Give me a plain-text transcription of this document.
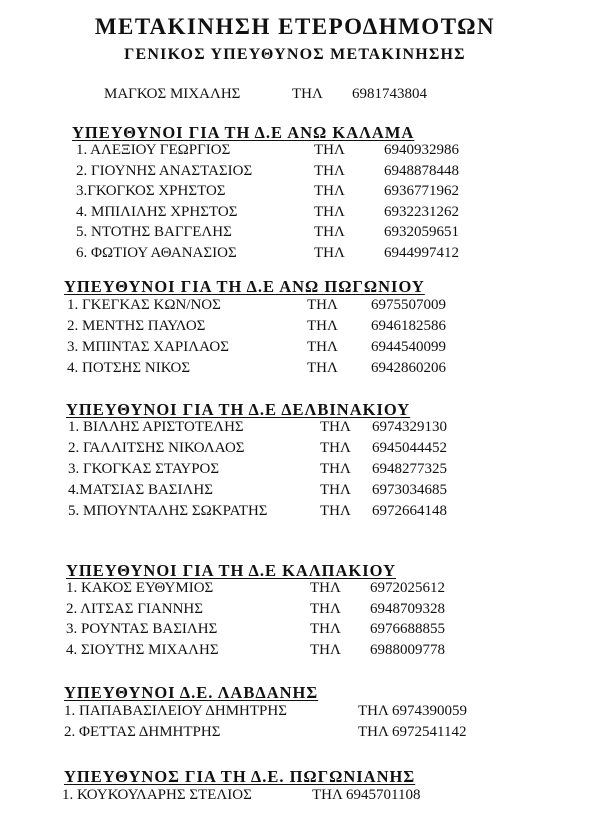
ΜΕΤΑΚΙΝΗΣΗ ΕΤΕΡΟΔΗΜΟΤΩΝ
ΓΕΝΙΚΟΣ ΥΠΕΥΘΥΝΟΣ ΜΕΤΑΚΙΝΗΣΗΣ
ΜΑΓΚΟΣ ΜΙΧΑΛΗΣ	ΤΗΛ 6981743804
ΥΠΕΥΘΥΝΟΙ ΓΙΑ ΤΗ Δ.Ε ΑΝΩ ΚΑΛΑΜΑ
1. ΑΛΕΞΙΟΥ ΓΕΩΡΓΙΟΣ	ΤΗΛ	6940932986
2. ΓΙΟΥΝΗΣ ΑΝΑΣΤΑΣΙΟΣ	ΤΗΛ	6948878448
3.ΓΚΟΓΚΟΣ ΧΡΗΣΤΟΣ	ΤΗΛ	6936771962
4. ΜΠΙΛΙΛΗΣ ΧΡΗΣΤΟΣ	ΤΗΛ	6932231262
5. ΝΤΟΤΗΣ ΒΑΓΓΕΛΗΣ	ΤΗΛ	6932059651
6. ΦΩΤΙΟΥ ΑΘΑΝΑΣΙΟΣ	ΤΗΛ	6944997412
ΥΠΕΥΘΥΝΟΙ ΓΙΑ ΤΗ Δ.Ε ΑΝΩ ΠΩΓΩΝΙΟΥ
1. ΓΚΕΓΚΑΣ ΚΩΝ/ΝΟΣ	ΤΗΛ 6975507009
2. ΜΕΝΤΗΣ ΠΑΥΛΟΣ	ΤΗΛ 6946182586
3. ΜΠΙΝΤΑΣ ΧΑΡΙΛΑΟΣ	ΤΗΛ 6944540099
4. ΠΟΤΣΗΣ ΝΙΚΟΣ	ΤΗΛ 6942860206
ΥΠΕΥΘΥΝΟΙ ΓΙΑ ΤΗ Δ.Ε ΔΕΛΒΙΝΑΚΙΟΥ
1. ΒΙΛΛΗΣ ΑΡΙΣΤΟΤΕΛΗΣ	ΤΗΛ 6974329130
2. ΓΑΛΛΙΤΣΗΣ ΝΙΚΟΛΑΟΣ	ΤΗΛ 6945044452
3. ΓΚΟΓΚΑΣ ΣΤΑΥΡΟΣ	ΤΗΛ 6948277325
4.ΜΑΤΣΙΑΣ ΒΑΣΙΛΗΣ	ΤΗΛ 6973034685
5. ΜΠΟΥΝΤΑΛΗΣ ΣΩΚΡΑΤΗΣ	ΤΗΛ 6972664148
ΥΠΕΥΘΥΝΟΙ ΓΙΑ ΤΗ Δ.Ε ΚΑΛΠΑΚΙΟΥ
1. ΚΑΚΟΣ ΕΥΘΥΜΙΟΣ	ΤΗΛ 6972025612
2. ΛΙΤΣΑΣ ΓΙΑΝΝΗΣ	ΤΗΛ 6948709328
3. ΡΟΥΝΤΑΣ ΒΑΣΙΛΗΣ	ΤΗΛ 6976688855
4. ΣΙΟΥΤΗΣ ΜΙΧΑΛΗΣ	ΤΗΛ 6988009778
ΥΠΕΥΘΥΝΟΙ Δ.Ε. ΛΑΒΔΑΝΗΣ
1. ΠΑΠΑΒΑΣΙΛΕΙΟΥ ΔΗΜΗΤΡΗΣ	ΤΗΛ 6974390059
2. ΦΕΤΤΑΣ ΔΗΜΗΤΡΗΣ	ΤΗΛ 6972541142
ΥΠΕΥΘΥΝΟΣ ΓΙΑ ΤΗ Δ.Ε. ΠΩΓΩΝΙΑΝΗΣ
1. ΚΟΥΚΟΥΛΑΡΗΣ ΣΤΕΛΙΟΣ	ΤΗΛ 6945701108
